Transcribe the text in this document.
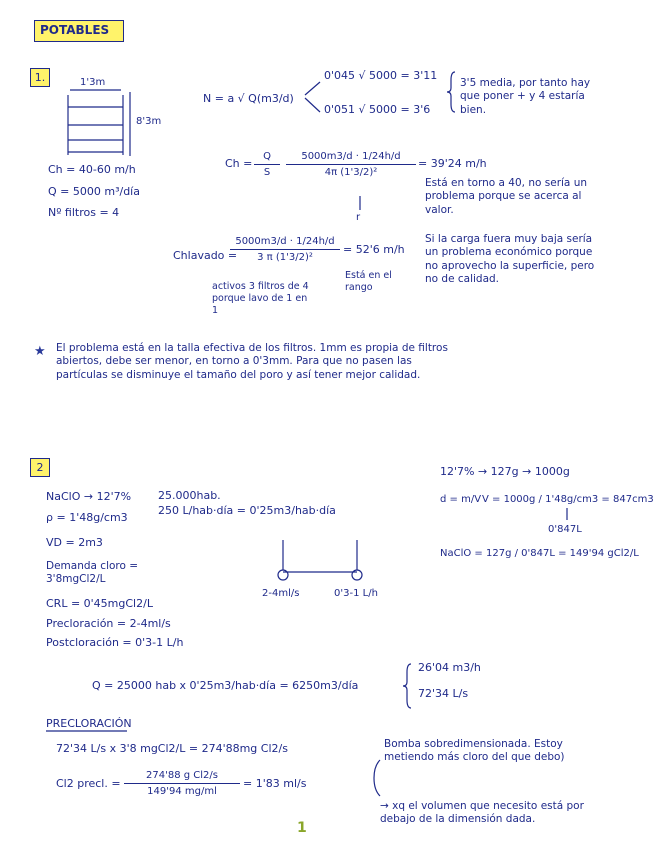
POTABLES
1.	1'3m
8'3m
Ch = 40-60 m/h
Q = 5000 m³/día
Nº filtros = 4
N = a √ Q(m3/d)
0'045 √ 5000 = 3'11
0'051 √ 5000 = 3'6
3'5 media, por tanto hay que poner + y 4 estaría bien.
Ch =
Q
S
5000m3/d · 1/24h/d
4π (1'3/2)²
= 39'24 m/h
r
Está en torno a 40, no sería un problema porque se acerca al valor.
Si la carga fuera muy baja sería un problema económico porque no aprovecho la superficie, pero no de calidad.
Chlavado =
5000m3/d · 1/24h/d
3 π (1'3/2)²
= 52'6 m/h
activos 3 filtros de 4 porque lavo de 1 en 1
Está en el rango
★ El problema está en la talla efectiva de los filtros. 1mm es propia de filtros abiertos, debe ser menor, en torno a 0'3mm. Para que no pasen las partículas se disminuye el tamaño del poro y así tener mejor calidad.
2
NaClO → 12'7%
ρ = 1'48g/cm3
VD = 2m3
Demanda cloro = 3'8mgCl2/L
CRL = 0'45mgCl2/L
Precloración = 2-4ml/s
Postcloración = 0'3-1 L/h
25.000hab.
250 L/hab·día = 0'25m3/hab·día
2-4ml/s	0'3-1 L/h
12'7% → 127g → 1000g
d = m/V V = 1000g / 1'48g/cm3 = 847cm3
0'847L
NaClO = 127g / 0'847L = 149'94 gCl2/L
Q = 25000 hab x 0'25m3/hab·día = 6250m3/día
26'04 m3/h
72'34 L/s
PRECLORACIÓN
72'34 L/s x 3'8 mgCl2/L = 274'88mg Cl2/s
Cl2 precl. =
274'88 g Cl2/s
149'94 mg/ml
= 1'83 ml/s
Bomba sobredimensionada. Estoy metiendo más cloro del que debo)
→ xq el volumen que necesito está por debajo de la dimensión dada.
1
